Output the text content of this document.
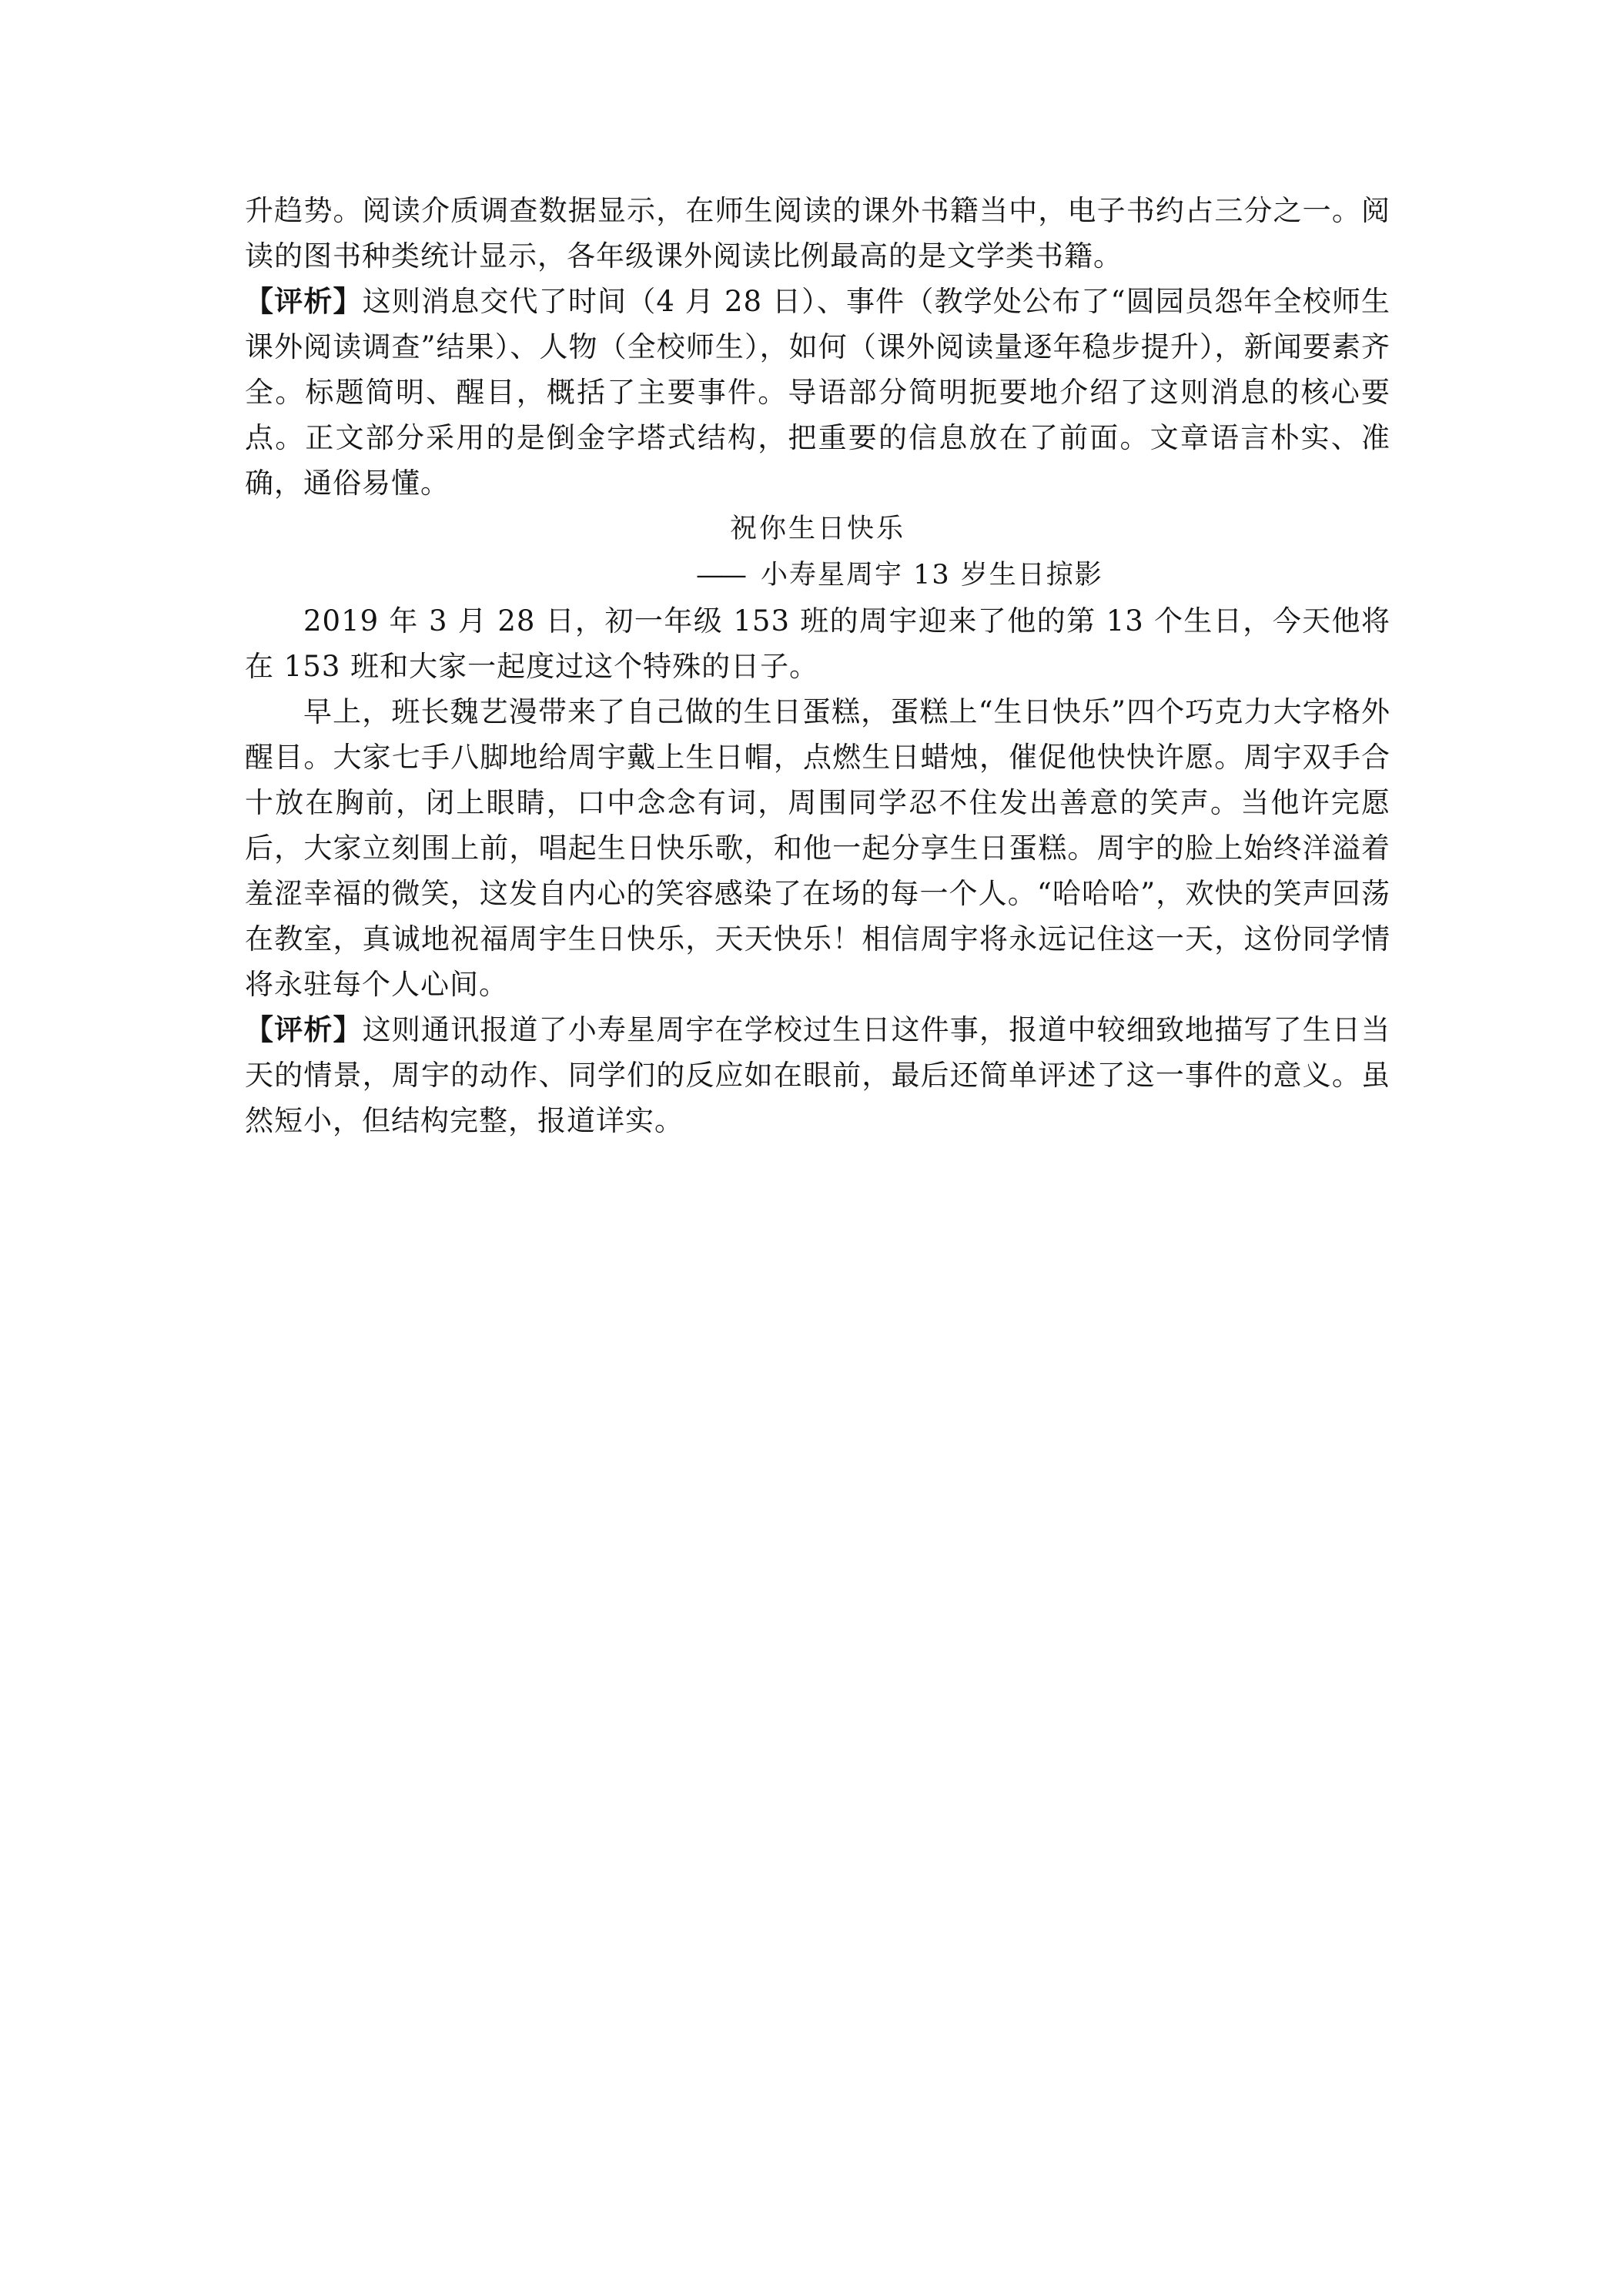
升趋势。阅读介质调查数据显示，在师生阅读的课外书籍当中，电子书约占三分之一。阅读的图书种类统计显示，各年级课外阅读比例最高的是文学类书籍。

【评析】这则消息交代了时间（4 月 28 日）、事件（教学处公布了“圆园员怨年全校师生课外阅读调查”结果）、人物（全校师生），如何（课外阅读量逐年稳步提升），新闻要素齐全。标题简明、醒目，概括了主要事件。导语部分简明扼要地介绍了这则消息的核心要点。正文部分采用的是倒金字塔式结构，把重要的信息放在了前面。文章语言朴实、准确，通俗易懂。

祝你生日快乐

—— 小寿星周宇 13 岁生日掠影

2019 年 3 月 28 日，初一年级 153 班的周宇迎来了他的第 13 个生日，今天他将在 153 班和大家一起度过这个特殊的日子。

早上，班长魏艺漫带来了自己做的生日蛋糕，蛋糕上“生日快乐”四个巧克力大字格外醒目。大家七手八脚地给周宇戴上生日帽，点燃生日蜡烛，催促他快快许愿。周宇双手合十放在胸前，闭上眼睛，口中念念有词，周围同学忍不住发出善意的笑声。当他许完愿后，大家立刻围上前，唱起生日快乐歌，和他一起分享生日蛋糕。周宇的脸上始终洋溢着羞涩幸福的微笑，这发自内心的笑容感染了在场的每一个人。“哈哈哈”，欢快的笑声回荡在教室，真诚地祝福周宇生日快乐，天天快乐！相信周宇将永远记住这一天，这份同学情将永驻每个人心间。

【评析】这则通讯报道了小寿星周宇在学校过生日这件事，报道中较细致地描写了生日当天的情景，周宇的动作、同学们的反应如在眼前，最后还简单评述了这一事件的意义。虽然短小，但结构完整，报道详实。
